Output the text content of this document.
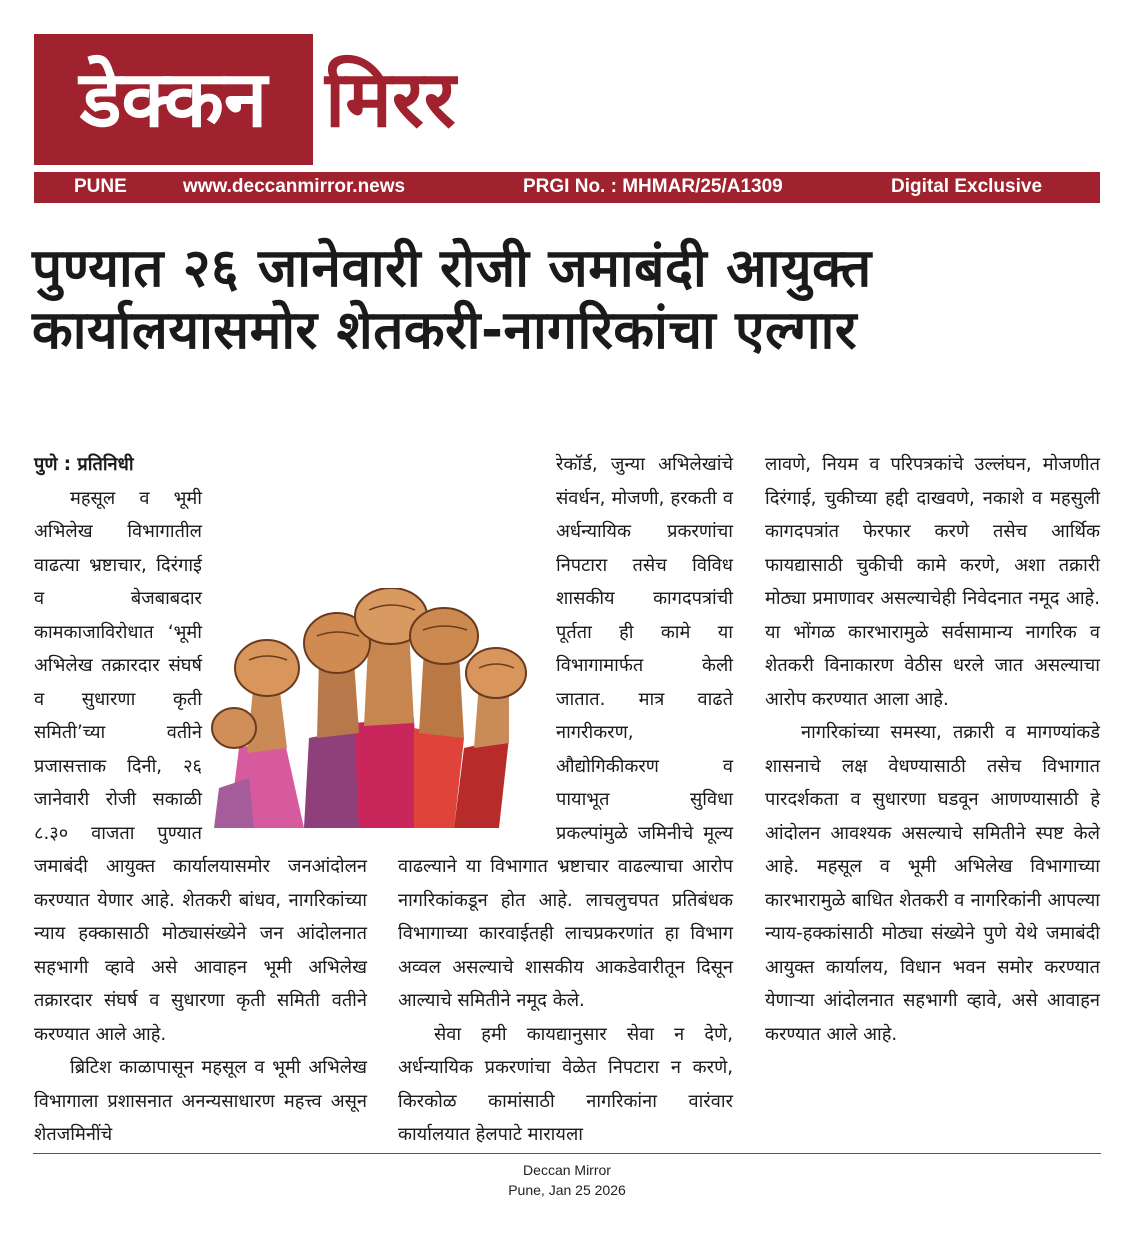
डेक्कन मिरर
PUNE	www.deccanmirror.news	PRGI No. : MHMAR/25/A1309	Digital Exclusive
पुण्यात २६ जानेवारी रोजी जमाबंदी आयुक्त
कार्यालयासमोर शेतकरी-नागरिकांचा एल्गार

पुणे : प्रतिनिधी

महसूल व भूमी अभिलेख विभागातील वाढत्या भ्रष्टाचार, दिरंगाई व बेजबाबदार कामकाजाविरोधात ‘भूमी अभिलेख तक्रारदार संघर्ष व सुधारणा कृती समिती’च्या वतीने प्रजासत्ताक दिनी, २६ जानेवारी रोजी सकाळी ८.३० वाजता पुण्यात जमाबंदी आयुक्त कार्यालयासमोर जनआंदोलन करण्यात येणार आहे. शेतकरी बांधव, नागरिकांच्या न्याय हक्कासाठी मोठ्यासंख्येने जन आंदोलनात सहभागी व्हावे असे आवाहन भूमी अभिलेख तक्रारदार संघर्ष व सुधारणा कृती समिती वतीने करण्यात आले आहे.

ब्रिटिश काळापासून महसूल व भूमी अभिलेख विभागाला प्रशासनात अनन्यसाधारण महत्त्व असून शेतजमिनींचे

रेकॉर्ड, जुन्या अभिलेखांचे संवर्धन, मोजणी, हरकती व अर्धन्यायिक प्रकरणांचा निपटारा तसेच विविध शासकीय कागदपत्रांची पूर्तता ही कामे या विभागामार्फत केली जातात. मात्र वाढते नागरीकरण, औद्योगिकीकरण व पायाभूत सुविधा प्रकल्पांमुळे जमिनीचे मूल्य वाढल्याने या विभागात भ्रष्टाचार वाढल्याचा आरोप नागरिकांकडून होत आहे. लाचलुचपत प्रतिबंधक विभागाच्या कारवाईतही लाचप्रकरणांत हा विभाग अव्वल असल्याचे शासकीय आकडेवारीतून दिसून आल्याचे समितीने नमूद केले.

सेवा हमी कायद्यानुसार सेवा न देणे, अर्धन्यायिक प्रकरणांचा वेळेत निपटारा न करणे, किरकोळ कामांसाठी नागरिकांना वारंवार कार्यालयात हेलपाटे मारायला

लावणे, नियम व परिपत्रकांचे उल्लंघन, मोजणीत दिरंगाई, चुकीच्या हद्दी दाखवणे, नकाशे व महसुली कागदपत्रांत फेरफार करणे तसेच आर्थिक फायद्यासाठी चुकीची कामे करणे, अशा तक्रारी मोठ्या प्रमाणावर असल्याचेही निवेदनात नमूद आहे. या भोंगळ कारभारामुळे सर्वसामान्य नागरिक व शेतकरी विनाकारण वेठीस धरले जात असल्याचा आरोप करण्यात आला आहे.

नागरिकांच्या समस्या, तक्रारी व मागण्यांकडे शासनाचे लक्ष वेधण्यासाठी तसेच विभागात पारदर्शकता व सुधारणा घडवून आणण्यासाठी हे आंदोलन आवश्यक असल्याचे समितीने स्पष्ट केले आहे. महसूल व भूमी अभिलेख विभागाच्या कारभारामुळे बाधित शेतकरी व नागरिकांनी आपल्या न्याय-हक्कांसाठी मोठ्या संख्येने पुणे येथे जमाबंदी आयुक्त कार्यालय, विधान भवन समोर करण्यात येणाऱ्या आंदोलनात सहभागी व्हावे, असे आवाहन करण्यात आले आहे.

Deccan Mirror
Pune, Jan 25 2026
